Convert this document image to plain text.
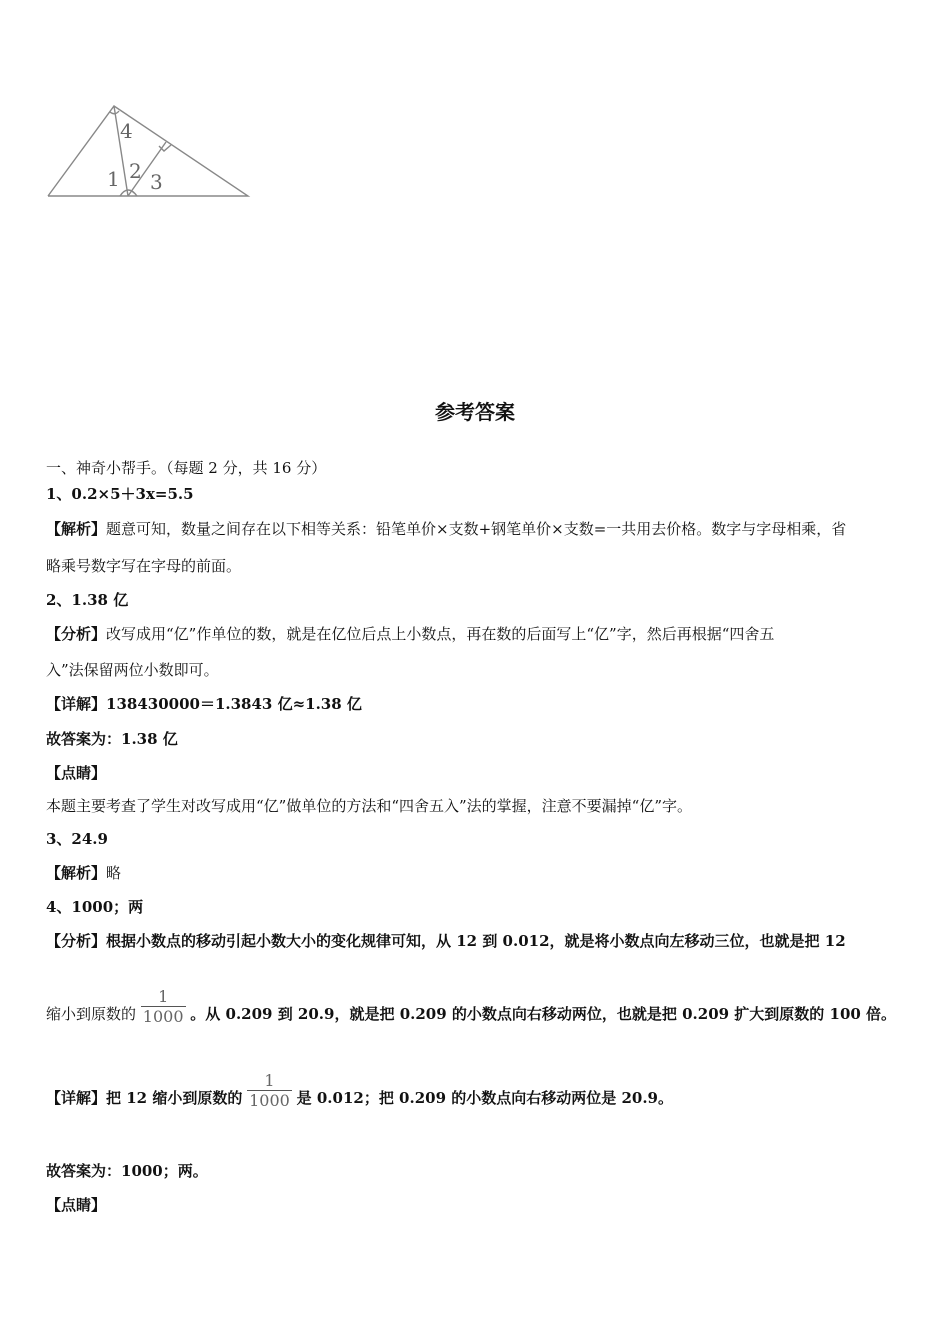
4
2
1 3
参考答案
一、神奇小帮手。（每题 2 分，共 16 分）
1、0.2×5＋3x=5.5
【解析】题意可知，数量之间存在以下相等关系：铅笔单价×支数+钢笔单价×支数=一共用去价格。数字与字母相乘，省
略乘号数字写在字母的前面。
2、1.38 亿
【分析】改写成用“亿”作单位的数，就是在亿位后点上小数点，再在数的后面写上“亿”字，然后再根据“四舍五
入”法保留两位小数即可。
【详解】138430000＝1.3843 亿≈1.38 亿
故答案为：1.38 亿
【点睛】
本题主要考查了学生对改写成用“亿”做单位的方法和“四舍五入”法的掌握，注意不要漏掉“亿”字。
3、24.9
【解析】略
4、1000；两
【分析】根据小数点的移动引起小数大小的变化规律可知，从 12 到 0.012，就是将小数点向左移动三位，也就是把 12
缩小到原数的 $\frac{1}{1000}$ 。从 0.209 到 20.9，就是把 0.209 的小数点向右移动两位，也就是把 0.209 扩大到原数的 100 倍。
【详解】把 12 缩小到原数的 $\frac{1}{1000}$ 是 0.012；把 0.209 的小数点向右移动两位是 20.9。
故答案为：1000；两。
【点睛】
